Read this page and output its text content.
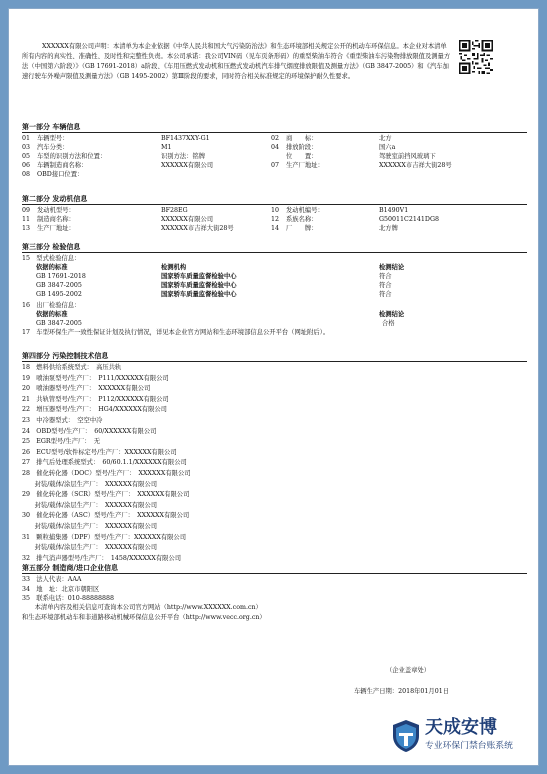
XXXXXX有限公司声明：本清单为本企业依据《中华人民共和国大气污染防治法》和生态环境部相关规定公开的机动车环保信息。本企业对本清单所有内容的真实性、准确性、及时性和完整性负责。本公司承诺：我公司VIN码（见车页条形码）的重型柴油车符合《重型柴油车污染物排放限值及测量方法（中国第六阶段）》（GB 17691-2018）a阶段、《车用压燃式发动机和压燃式发动机汽车排气烟度排放限值及测量方法》（GB 3847-2005）和《汽车加速行驶车外噪声限值及测量方法》（GB 1495-2002）第Ⅲ阶段的要求，同时符合相关标准规定的环境保护耐久性要求。
第一部分 车辆信息
01 车辆型号：	BF1437XXY-G1	02 商　　标：	北方
03 汽车分类：	M1	04 排放阶段：	国六a
05 车型的识别方法和位置：	识别方法：铭牌	位　　置：	驾驶室前挡风玻璃下
06 车辆制造商名称：	XXXXXX有限公司	07 生产厂地址：	XXXXXX市吉祥大街28号
08 OBD接口位置：
第二部分 发动机信息
09 发动机型号：	BF28EG	10 发动机编号：	B1490V1
11 制造商名称：	XXXXXX有限公司	12 系族名称：	G50011C2141DG8
13 生产厂地址：	XXXXXX市吉祥大街28号	14 厂　　牌：	北方牌
第三部分 检验信息
15　型式检验信息：
依据的标准	检测机构	检测结论
GB 17691-2018	国家轿车质量监督检验中心	符合
GB 3847-2005	国家轿车质量监督检验中心	符合
GB 1495-2002	国家轿车质量监督检验中心	符合
16　出厂检验信息：
依据的标准	检测结论
GB 3847-2005	合格
17　车型环保生产一致性保证计划及执行情况，详见本企业官方网站和生态环境部信息公开平台（网址附后）。
第四部分 污染控制技术信息
18　燃料供给系统型式：　高压共轨
19　喷油泵型号/生产厂：　P111/XXXXXX有限公司
20　喷油器型号/生产厂：　XXXXXX有限公司
21　共轨管型号/生产厂：　P112/XXXXXX有限公司
22　增压器型号/生产厂：　HG4/XXXXXX有限公司
23　中冷器型式：　空空中冷
24　OBD型号/生产厂：　60/XXXXXX有限公司
25　EGR型号/生产厂：　无
26　ECU型号/软件标定号/生产厂：XXXXXX有限公司
27　排气后处理系统型式：　60/60.1.1/XXXXXX有限公司
28　催化转化器（DOC）型号/生产厂：　XXXXXX有限公司
　　封装/载体/涂层生产厂：　XXXXXX有限公司
29　催化转化器（SCR）型号/生产厂：　XXXXXX有限公司
　　封装/载体/涂层生产厂：　XXXXXX有限公司
30　催化转化器（ASC）型号/生产厂：　XXXXXX有限公司
　　封装/载体/涂层生产厂：　XXXXXX有限公司
31　颗粒捕集器（DPF）型号/生产厂：XXXXXX有限公司
　　封装/载体/涂层生产厂：　XXXXXX有限公司
32　排气消声器型号/生产厂：　1458/XXXXXX有限公司
第五部分 制造商/进口企业信息
33　法人代表：AAA
34　地　址：北京市朝阳区
35　联系电话：010-88888888
　　本清单内容及相关信息可查询本公司官方网站（http://www.XXXXXX.com.cn）
和生态环境部机动车和非道路移动机械环保信息公开平台（http://www.vecc.org.cn）
（企业盖章处）
车辆生产日期：2018年01月01日
天成安博
专业环保门禁台账系统
